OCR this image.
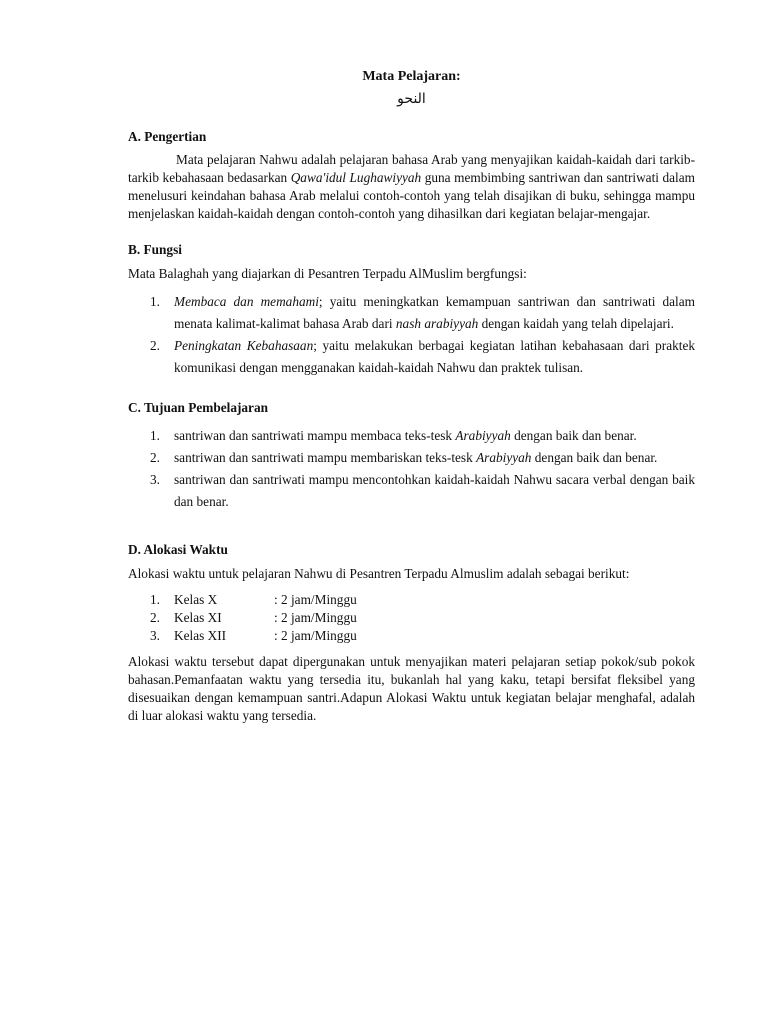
Mata Pelajaran:
النحو
A. Pengertian

Mata pelajaran Nahwu adalah pelajaran bahasa Arab yang menyajikan kaidah-kaidah dari tarkib-tarkib kebahasaan bedasarkan Qawa'idul Lughawiyyah guna membimbing santriwan dan santriwati dalam menelusuri keindahan bahasa Arab melalui contoh-contoh yang telah disajikan di buku, sehingga mampu menjelaskan kaidah-kaidah dengan contoh-contoh yang dihasilkan dari kegiatan belajar-mengajar.

B. Fungsi

Mata Balaghah yang diajarkan di Pesantren Terpadu AlMuslim bergfungsi:

1. Membaca dan memahami; yaitu meningkatkan kemampuan santriwan dan santriwati dalam menata kalimat-kalimat bahasa Arab dari nash arabiyyah dengan kaidah yang telah dipelajari.
2. Peningkatan Kebahasaan; yaitu melakukan berbagai kegiatan latihan kebahasaan dari praktek komunikasi dengan mengganakan kaidah-kaidah Nahwu dan praktek tulisan.
C. Tujuan Pembelajaran
1. santriwan dan santriwati mampu membaca teks-tesk Arabiyyah dengan baik dan benar.
2. santriwan dan santriwati mampu membariskan teks-tesk Arabiyyah dengan baik dan benar.
3. santriwan dan santriwati mampu mencontohkan kaidah-kaidah Nahwu sacara verbal dengan baik dan benar.
D. Alokasi Waktu

Alokasi waktu untuk pelajaran Nahwu di Pesantren Terpadu Almuslim adalah sebagai berikut:

1. Kelas X	: 2 jam/Minggu
2. Kelas XI	: 2 jam/Minggu
3. Kelas XII	: 2 jam/Minggu

Alokasi waktu tersebut dapat dipergunakan untuk menyajikan materi pelajaran setiap pokok/sub pokok bahasan.Pemanfaatan waktu yang tersedia itu, bukanlah hal yang kaku, tetapi bersifat fleksibel yang disesuaikan dengan kemampuan santri.Adapun Alokasi Waktu untuk kegiatan belajar menghafal, adalah di luar alokasi waktu yang tersedia.
